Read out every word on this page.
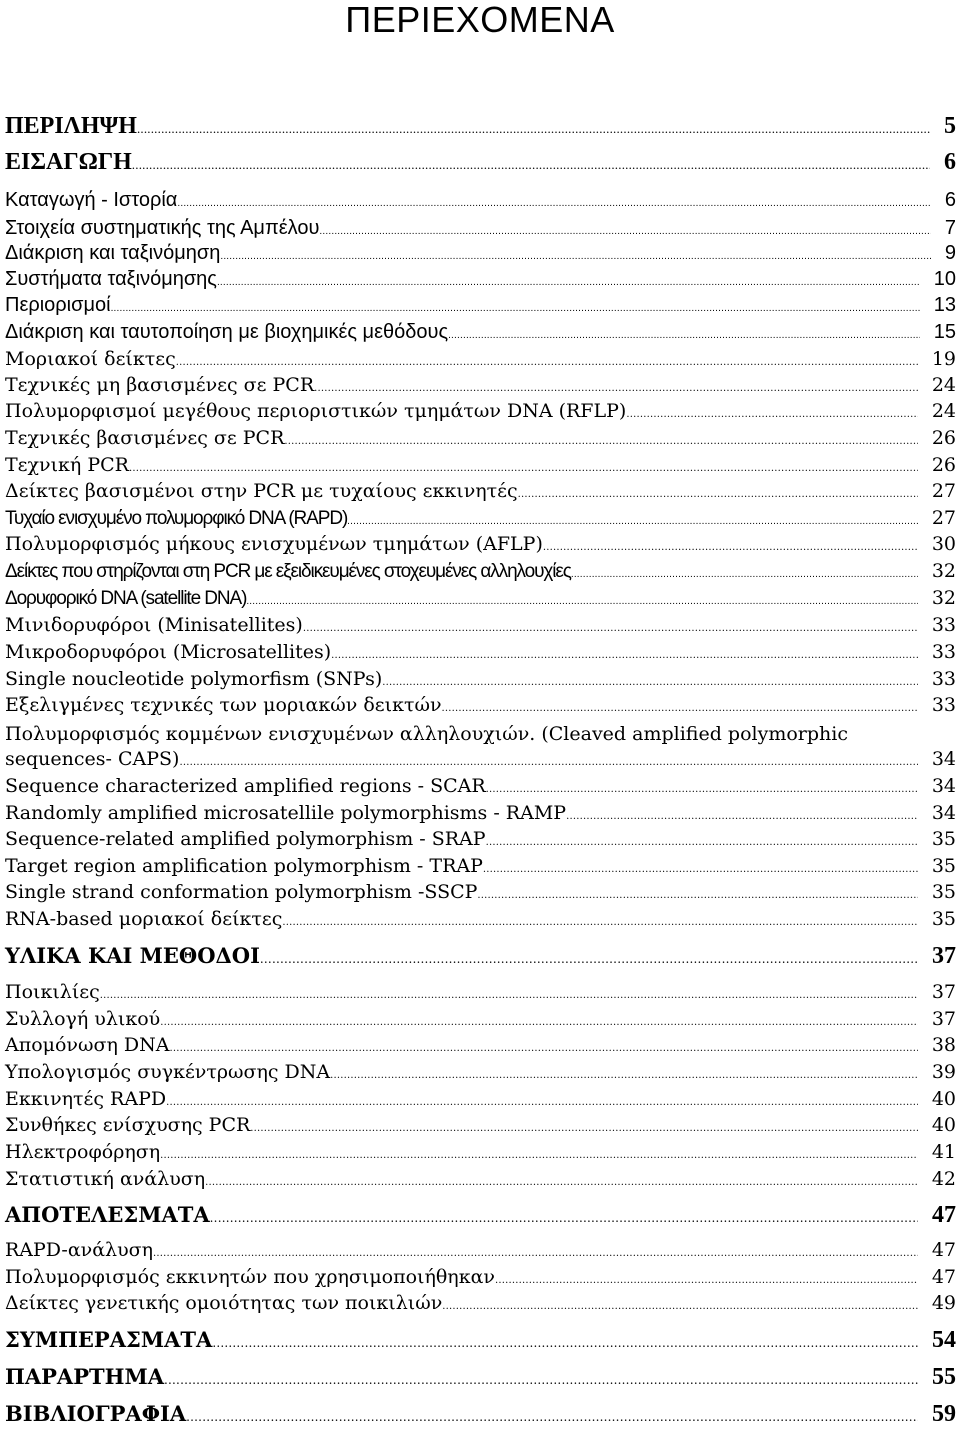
ΠΕΡΙΕΧΟΜΕΝΑ
ΠΕΡΙΛΗΨΗ .....	5
ΕΙΣΑΓΩΓΗ .....	6
Καταγωγή - Ιστορία .....	6
Στοιχεία συστηματικής της Αμπέλου .....	7
Διάκριση και ταξινόμηση .....	9
Συστήματα ταξινόμησης .....	10
Περιορισμοί .....	13
Διάκριση και ταυτοποίηση με βιοχημικές μεθόδους .....	15
Μοριακοί δείκτες .....	19
Τεχνικές μη βασισμένες σε PCR .....	24
Πολυμορφισμοί μεγέθους περιοριστικών τμημάτων DNA (RFLP) .....	24
Τεχνικές βασισμένες σε PCR .....	26
Τεχνική PCR .....	26
Δείκτες βασισμένοι στην PCR με τυχαίους εκκινητές .....	27
Τυχαίο ενισχυμένο πολυμορφικό DNA (RAPD) .....	27
Πολυμορφισμός μήκους ενισχυμένων τμημάτων (AFLP) .....	30
Δείκτες που στηρίζονται στη PCR με εξειδικευμένες στοχευμένες αλληλουχίες .....	32
Δορυφορικό DNA (satellite DNA) .....	32
Μινιδορυφόροι (Minisatellites) .....	33
Μικροδορυφόροι (Microsatellites) .....	33
Single noucleotide polymorfism (SNPs) .....	33
Εξελιγμένες τεχνικές των μοριακών δεικτών .....	33
Πολυμορφισμός κομμένων ενισχυμένων αλληλουχιών. (Cleaved amplified polymorphic
sequences- CAPS) .....	34
Sequence characterized amplified regions - SCAR .....	34
Randomly amplified microsatellile polymorphisms - RAMP .....	34
Sequence-related amplified polymorphism - SRAP .....	35
Target region amplification polymorphism - TRAP .....	35
Single strand conformation polymorphism -SSCP .....	35
RNA-based μοριακοί δείκτες .....	35
ΥΛΙΚΑ ΚΑΙ ΜΕΘΟΔΟΙ .....	37
Ποικιλίες .....	37
Συλλογή υλικού .....	37
Απομόνωση DNA .....	38
Υπολογισμός συγκέντρωσης DNA .....	39
Εκκινητές RAPD .....	40
Συνθήκες ενίσχυσης PCR .....	40
Ηλεκτροφόρηση .....	41
Στατιστική ανάλυση .....	42
ΑΠΟΤΕΛΕΣΜΑΤΑ .....	47
RAPD-ανάλυση .....	47
Πολυμορφισμός εκκινητών που χρησιμοποιήθηκαν .....	47
Δείκτες γενετικής ομοιότητας των ποικιλιών .....	49
ΣΥΜΠΕΡΑΣΜΑΤΑ .....	54
ΠΑΡΑΡΤΗΜΑ .....	55
ΒΙΒΛΙΟΓΡΑΦΙΑ .....	59
